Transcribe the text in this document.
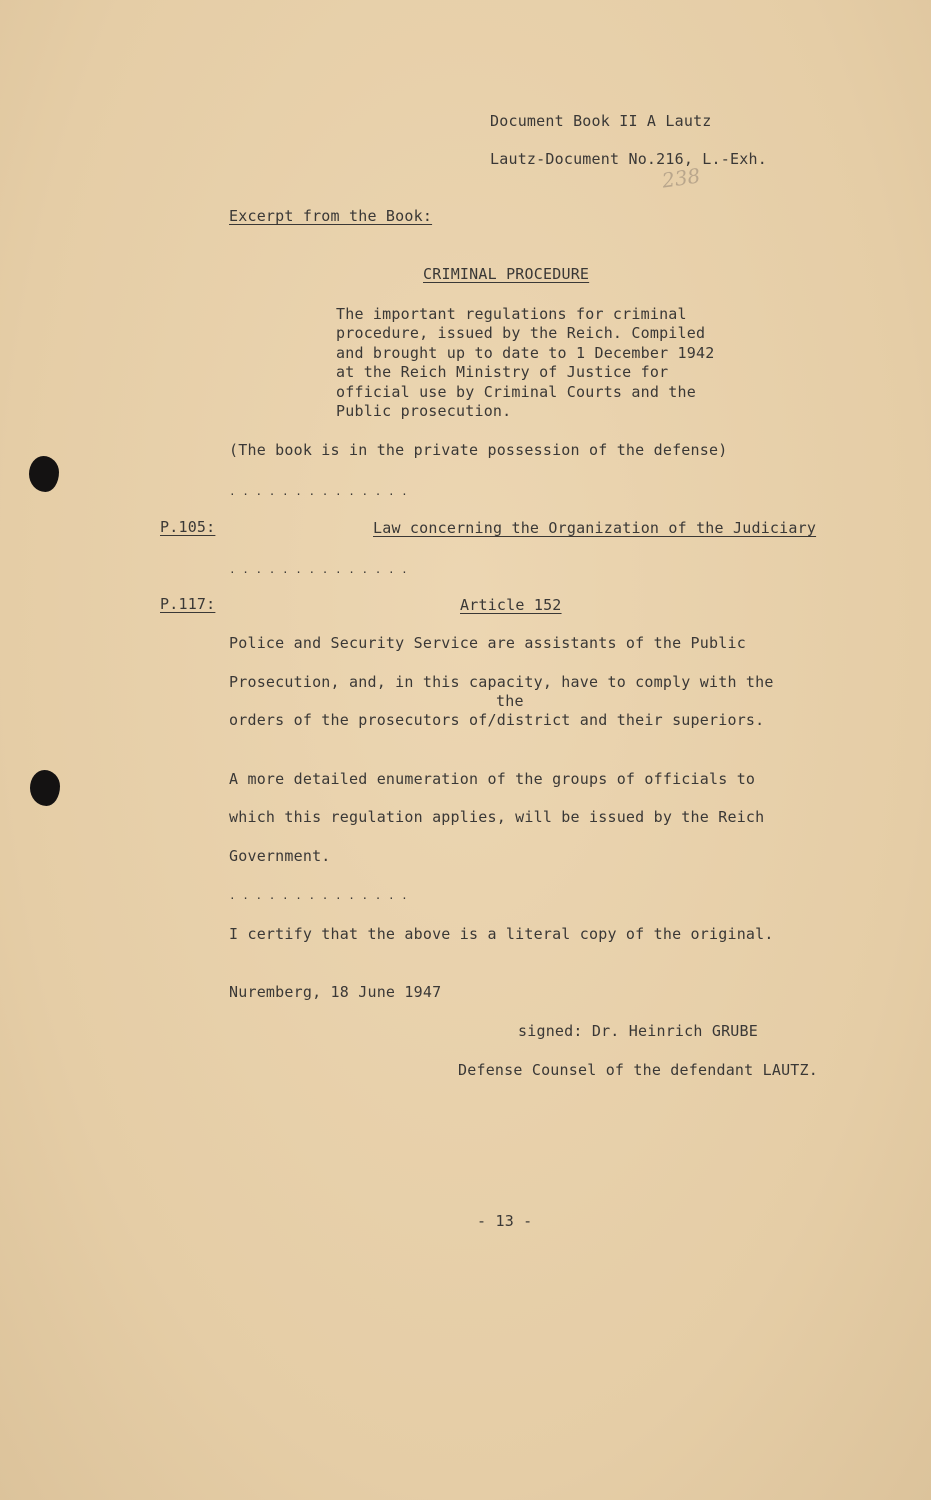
Document Book II A Lautz
Lautz-Document No.216, L.-Exh.
238
Excerpt from the Book:
CRIMINAL PROCEDURE
The important regulations for criminal
procedure, issued by the Reich. Compiled
and brought up to date to 1 December 1942
at the Reich Ministry of Justice for
official use by Criminal Courts and the
Public prosecution.
(The book is in the private possession of the defense)
. . . . . . . . . . . . . .
P.105:	Law concerning the Organization of the Judiciary
. . . . . . . . . . . . . .
P.117:	Article 152
Police and Security Service are assistants of the Public
Prosecution, and, in this capacity, have to comply with the
the
orders of the prosecutors of/district and their superiors.
A more detailed enumeration of the groups of officials to
which this regulation applies, will be issued by the Reich
Government.
. . . . . . . . . . . . . .
I certify that the above is a literal copy of the original.
Nuremberg, 18 June 1947
signed: Dr. Heinrich GRUBE
Defense Counsel of the defendant LAUTZ.
- 13 -
